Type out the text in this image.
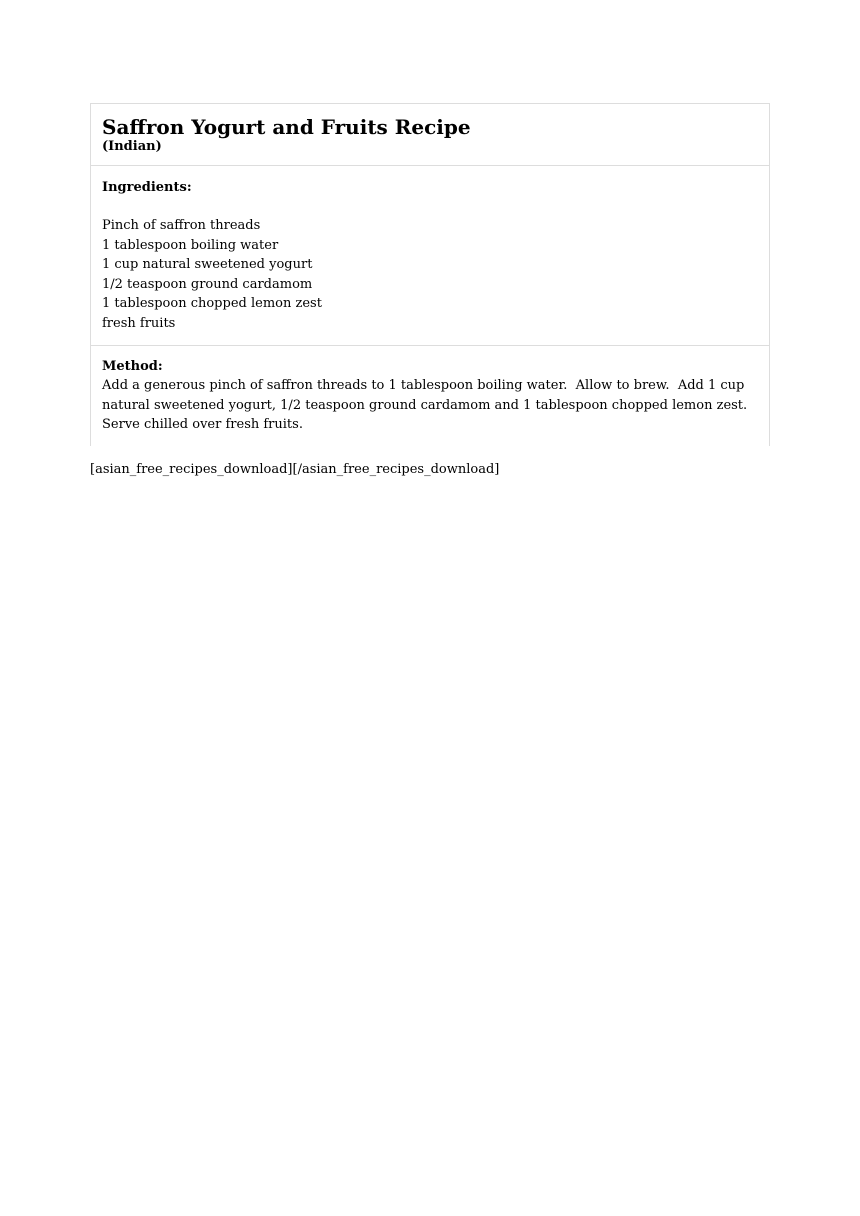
Saffron Yogurt and Fruits Recipe
(Indian)
Ingredients:
Pinch of saffron threads
1 tablespoon boiling water
1 cup natural sweetened yogurt
1/2 teaspoon ground cardamom
1 tablespoon chopped lemon zest
fresh fruits
Method:

Add a generous pinch of saffron threads to 1 tablespoon boiling water.  Allow to brew.  Add 1 cup natural sweetened yogurt, 1/2 teaspoon ground cardamom and 1 tablespoon chopped lemon zest.  Serve chilled over fresh fruits.

[asian_free_recipes_download][/asian_free_recipes_download]
